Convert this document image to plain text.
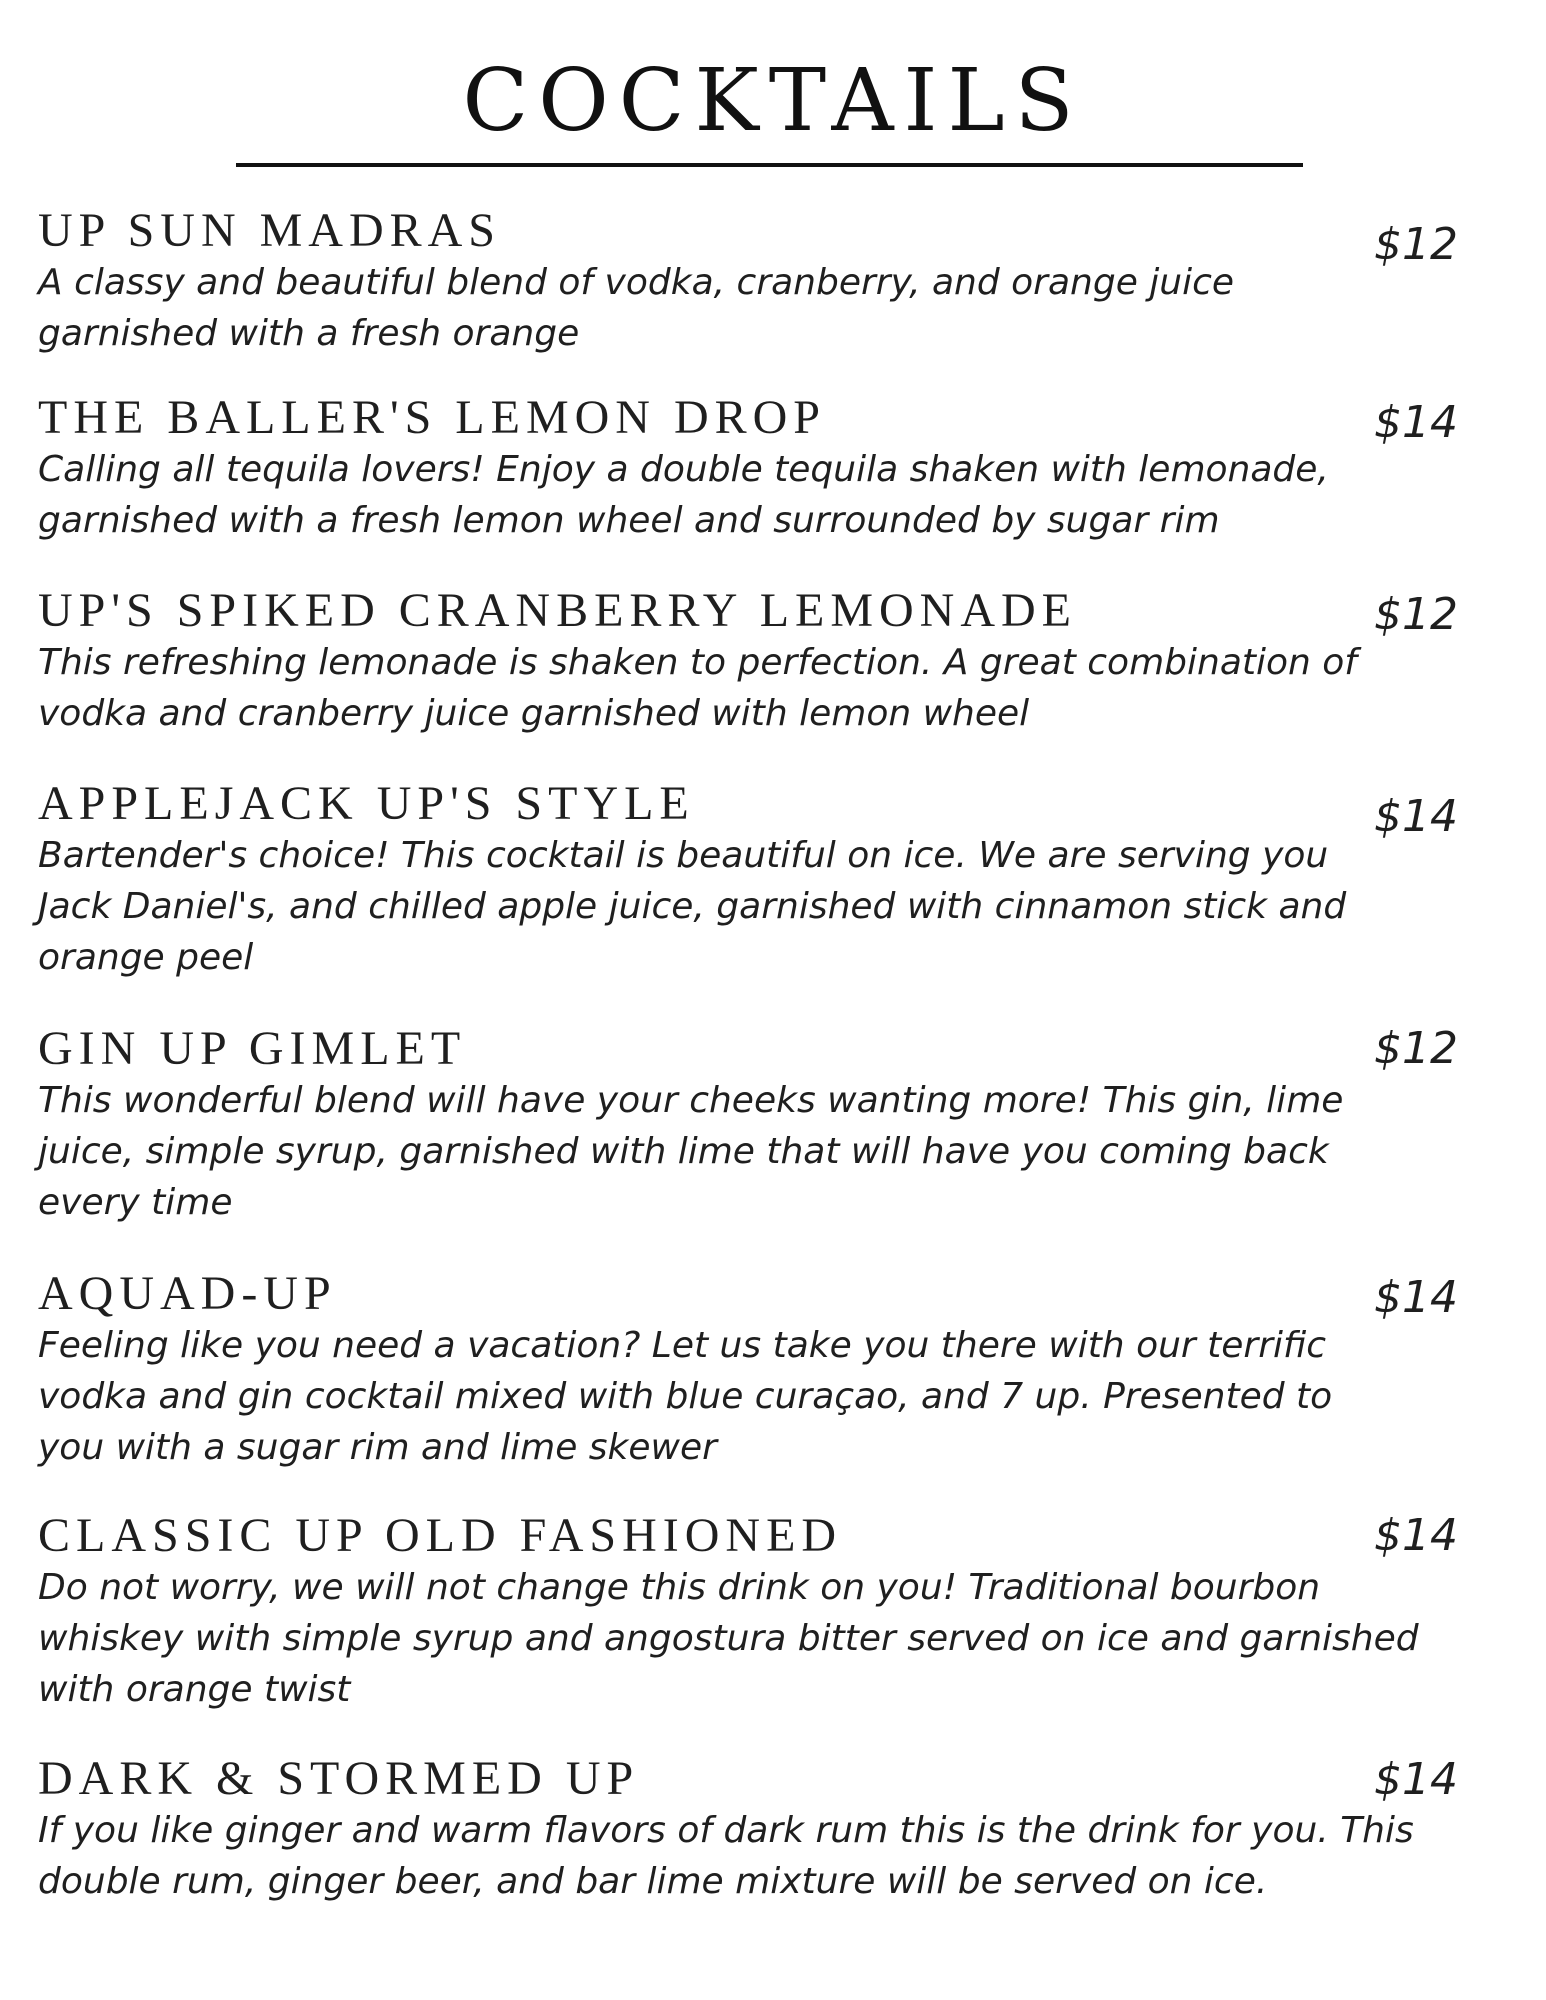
COCKTAILS
UP SUN MADRAS
A classy and beautiful blend of vodka, cranberry, and orange juice
garnished with a fresh orange
$12
THE BALLER'S LEMON DROP
Calling all tequila lovers! Enjoy a double tequila shaken with lemonade,
garnished with a fresh lemon wheel and surrounded by sugar rim
$14
UP'S SPIKED CRANBERRY LEMONADE
This refreshing lemonade is shaken to perfection. A great combination of
vodka and cranberry juice garnished with lemon wheel
$12
APPLEJACK UP'S STYLE
Bartender's choice! This cocktail is beautiful on ice. We are serving you
Jack Daniel's, and chilled apple juice, garnished with cinnamon stick and
orange peel
$14
GIN UP GIMLET
This wonderful blend will have your cheeks wanting more! This gin, lime
juice, simple syrup, garnished with lime that will have you coming back
every time
$12
AQUAD-UP
Feeling like you need a vacation? Let us take you there with our terrific
vodka and gin cocktail mixed with blue curaçao, and 7 up. Presented to
you with a sugar rim and lime skewer
$14
CLASSIC UP OLD FASHIONED
Do not worry, we will not change this drink on you! Traditional bourbon
whiskey with simple syrup and angostura bitter served on ice and garnished
with orange twist
$14
DARK & STORMED UP
If you like ginger and warm flavors of dark rum this is the drink for you. This
double rum, ginger beer, and bar lime mixture will be served on ice.
$14
